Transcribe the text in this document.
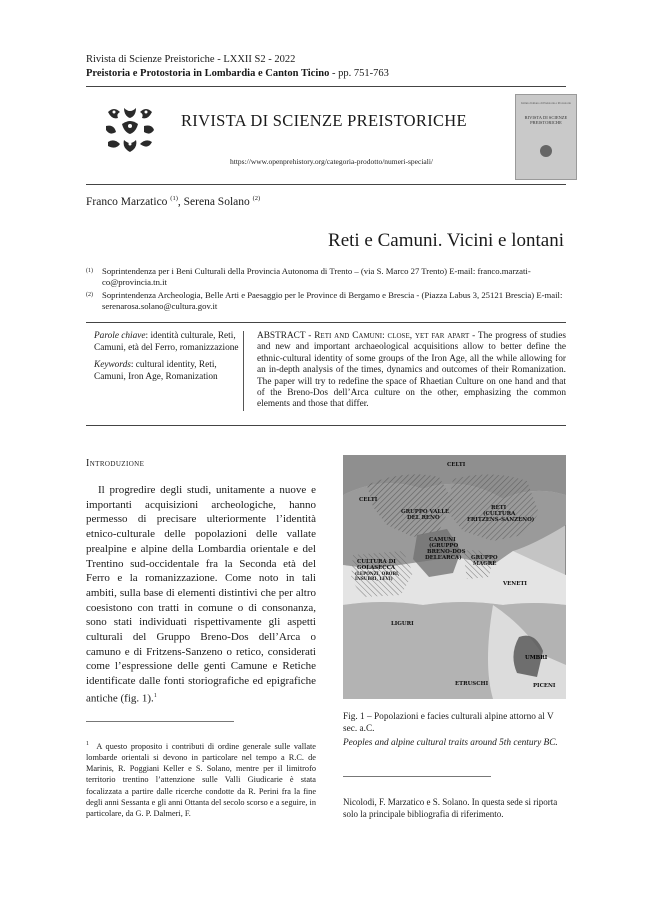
Rivista di Scienze Preistoriche - LXXII S2 - 2022
Preistoria e Protostoria in Lombardia e Canton Ticino - pp. 751-763
RIVISTA DI SCIENZE PREISTORICHE
https://www.openprehistory.org/categoria-prodotto/numeri-speciali/
Istituto Italiano di Preistoria e Protostoria
RIVISTA DI SCIENZE PREISTORICHE
Franco Marzatico $^{(1)}$, Serena Solano $^{(2)}$
Reti e Camuni. Vicini e lontani
(1) Soprintendenza per i Beni Culturali della Provincia Autonoma di Trento – (via S. Marco 27 Trento) E-mail: franco.marzati-co@provincia.tn.it
(2) Soprintendenza Archeologia, Belle Arti e Paesaggio per le Province di Bergamo e Brescia - (Piazza Labus 3, 25121 Brescia) E-mail: serenarosa.solano@cultura.gov.it

Parole chiave: identità culturale, Reti, Camuni, età del Ferro, romanizzazione

Keywords: cultural identity, Reti, Camuni, Iron Age, Romanization

ABSTRACT - Reti and Camuni: close, yet far apart - The progress of studies and new and important archaeological acquisitions allow to better define the ethnic-cultural identity of some groups of the Iron Age, all the while allowing for an in-depth analysis of the times, dynamics and outcomes of their Romanization. The paper will try to redefine the space of Rhaetian Culture on one hand and that of the Breno-Dos dell’Arca culture on the other, emphasizing the common elements and those that differ.
Introduzione

Il progredire degli studi, unitamente a nuove e importanti acquisizioni archeologiche, hanno permesso di precisare ulteriormente l’identità etnico-culturale delle popolazioni delle vallate prealpine e alpine della Lombardia orientale e del Trentino sud-occidentale fra la Seconda età del Ferro e la romanizzazione. Come noto in tali ambiti, sulla base di elementi distintivi che per altro coesistono con tratti in comune o di consonanza, sono stati individuati rispettivamente gli aspetti culturali del Gruppo Breno-Dos dell’Arca o camuno e di Fritzens-Sanzeno o retico, considerati come l’espressione delle genti Camune e Retiche identificate dalle fonti storiografiche ed epigrafiche antiche (fig. 1).$^1$

$^1$ A questo proposito i contributi di ordine generale sulle vallate lombarde orientali si devono in particolare nel tempo a R.C. de Marinis, R. Poggiani Keller e S. Solano, mentre per il limitrofo territorio trentino l’attenzione sulle Valli Giudicarie è stata focalizzata a partire dalle ricerche condotte da R. Perini fra la fine degli anni Sessanta e gli anni Ottanta del secolo scorso e a seguire, in particolare, da G. P. Dalmeri, F.
CELTI
CELTI
GRUPPO VALLE
DEL RENO
RETI
(CULTURA
FRITZENS-SANZENO)
CAMUNI
(GRUPPO
BRENO-DOS
DELL’ARCA) GRUPPO
MAGRÈ
CULTURA DI
GOLASECCA
(LEPONZI, OROBI,
INSUBRI, LEVI)
VENETI
LIGURI
UMBRI
ETRUSCHI	PICENI

Fig. 1 – Popolazioni e facies culturali alpine attorno al V sec. a.C.

Peoples and alpine cultural traits around 5th century BC.

Nicolodi, F. Marzatico e S. Solano. In questa sede si riporta solo la principale bibliografia di riferimento.
